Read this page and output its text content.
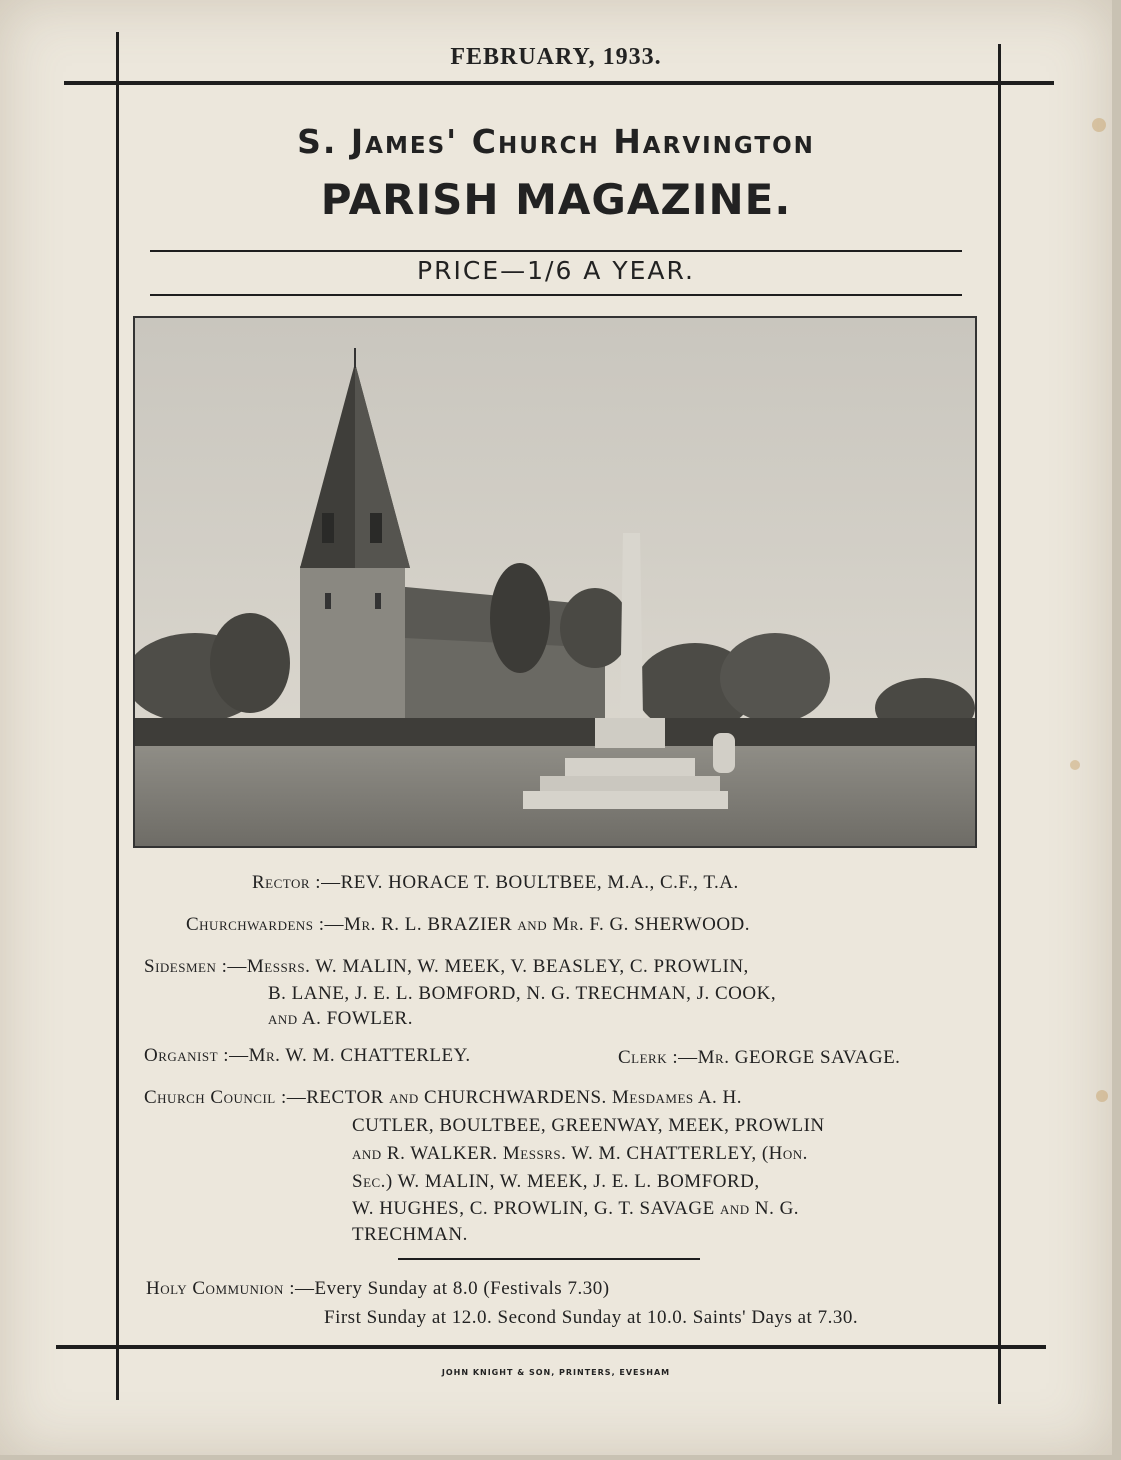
FEBRUARY, 1933.
S. James' Church Harvington
PARISH MAGAZINE.
PRICE—1/6 A YEAR.
Rector :—REV. HORACE T. BOULTBEE, M.A., C.F., T.A.
Churchwardens :—Mr. R. L. BRAZIER and Mr. F. G. SHERWOOD.
Sidesmen :—Messrs. W. MALIN, W. MEEK, V. BEASLEY, C. PROWLIN,
B. LANE, J. E. L. BOMFORD, N. G. TRECHMAN, J. COOK,
and A. FOWLER.
Organist :—Mr. W. M. CHATTERLEY.	Clerk :—Mr. GEORGE SAVAGE.
Church Council :—RECTOR and CHURCHWARDENS. Mesdames A. H.
CUTLER, BOULTBEE, GREENWAY, MEEK, PROWLIN
and R. WALKER. Messrs. W. M. CHATTERLEY, (Hon.
Sec.) W. MALIN, W. MEEK, J. E. L. BOMFORD,
W. HUGHES, C. PROWLIN, G. T. SAVAGE and N. G.
TRECHMAN.
Holy Communion :—Every Sunday at 8.0 (Festivals 7.30)
First Sunday at 12.0. Second Sunday at 10.0. Saints' Days at 7.30.
JOHN KNIGHT & SON, PRINTERS, EVESHAM
